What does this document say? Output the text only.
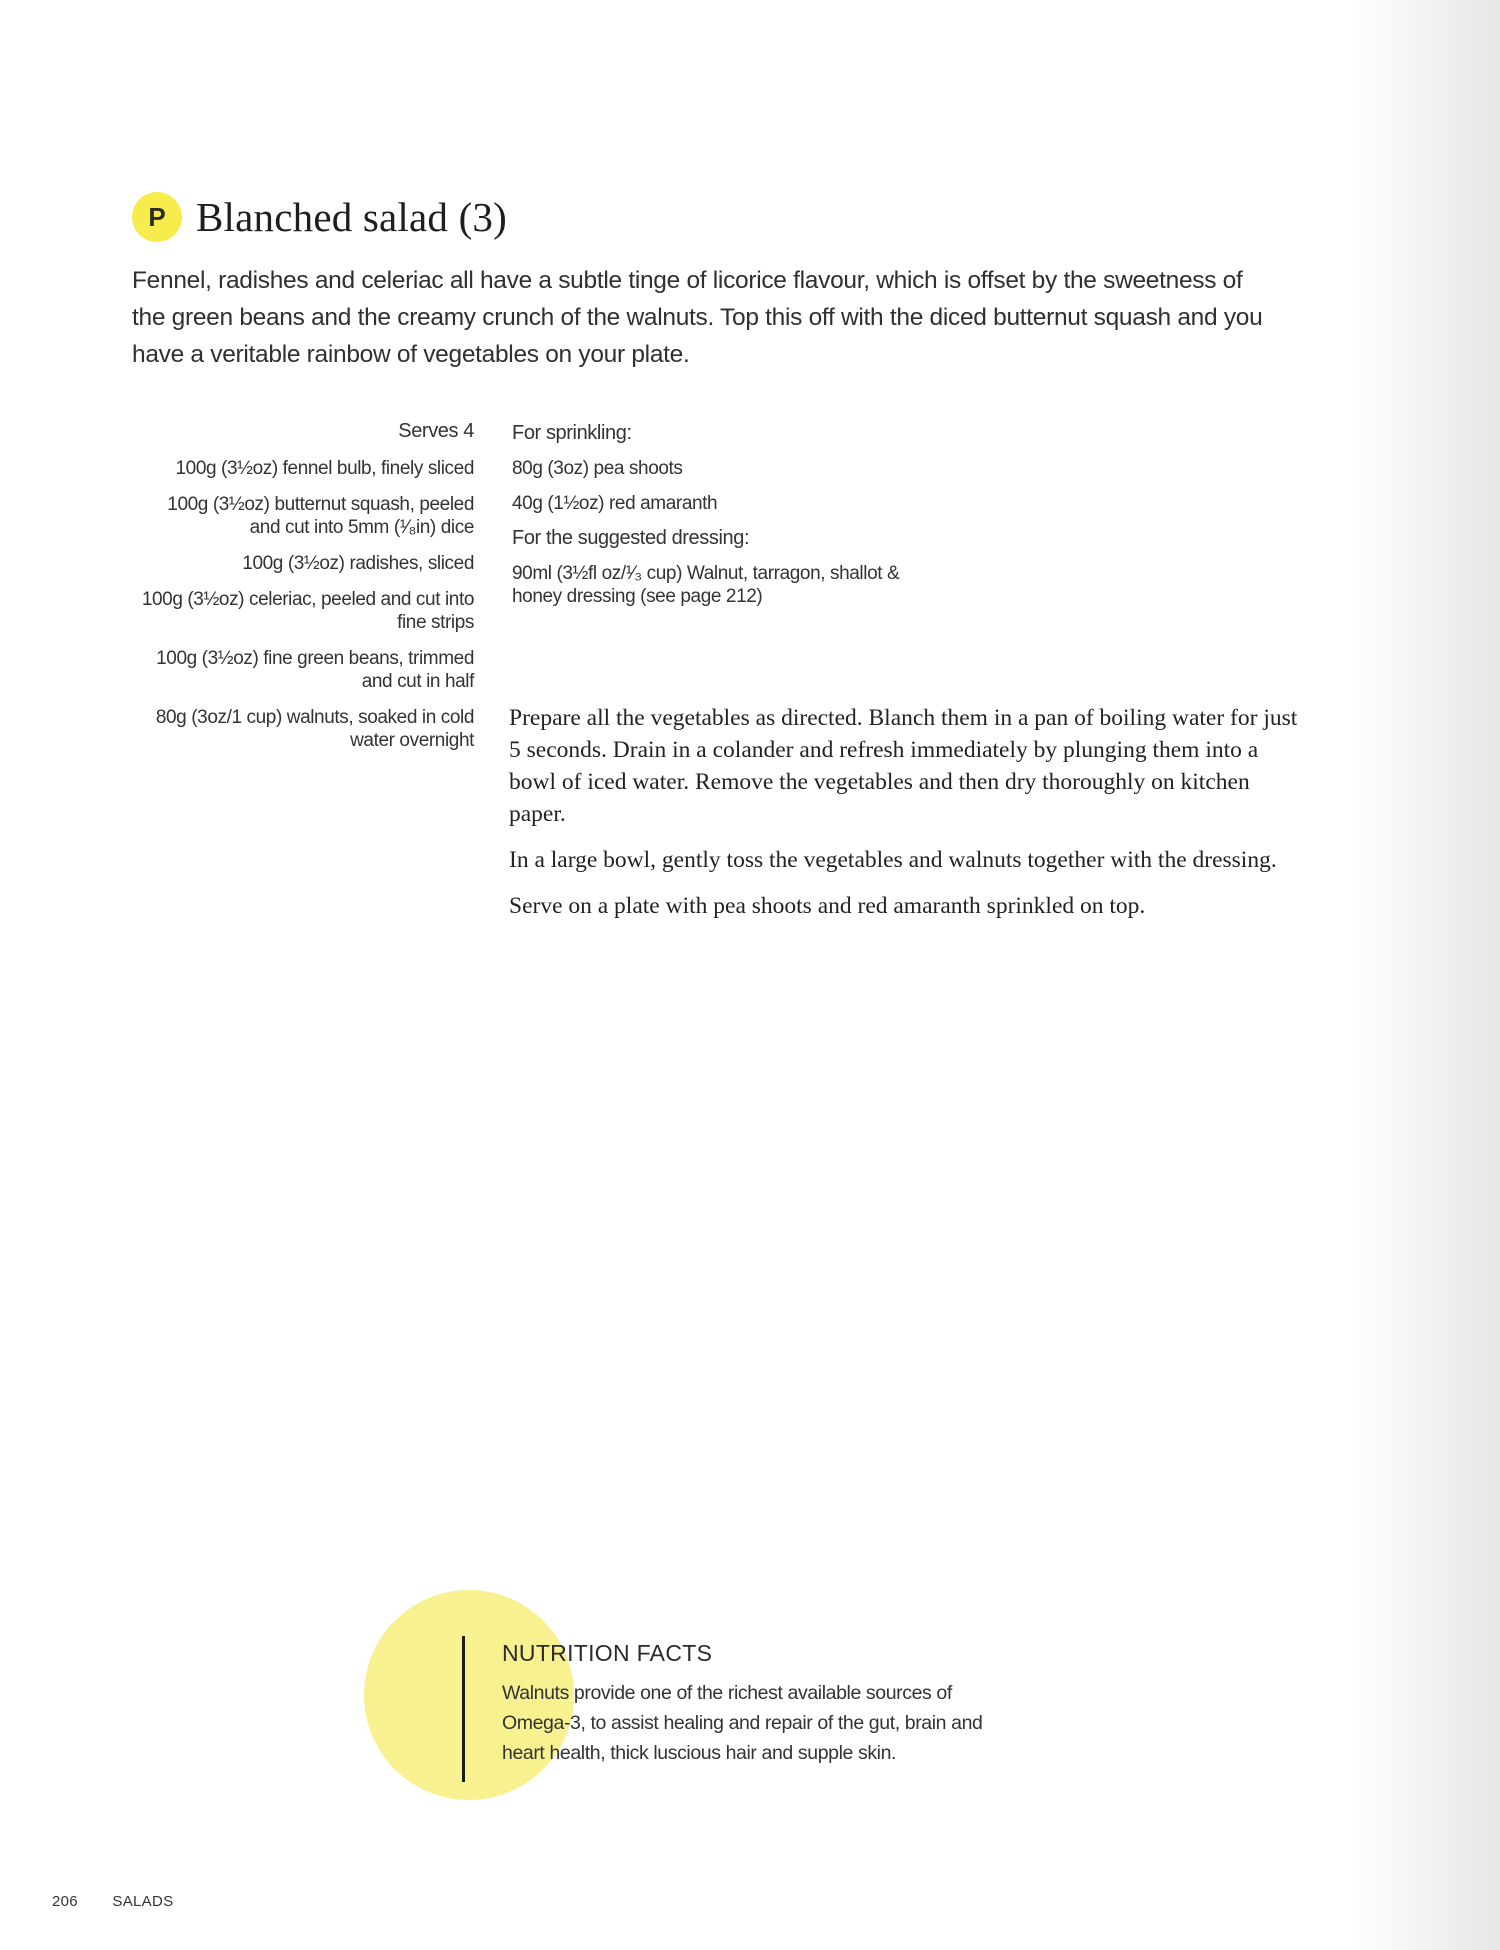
P Blanched salad (3)

Fennel, radishes and celeriac all have a subtle tinge of licorice flavour, which is offset by the sweetness of the green beans and the creamy crunch of the walnuts. Top this off with the diced butternut squash and you have a veritable rainbow of vegetables on your plate.

Serves 4

100g (3½oz) fennel bulb, finely sliced

100g (3½oz) butternut squash, peeled and cut into 5mm (¹⁄₈in) dice

100g (3½oz) radishes, sliced

100g (3½oz) celeriac, peeled and cut into fine strips

100g (3½oz) fine green beans, trimmed and cut in half

80g (3oz/1 cup) walnuts, soaked in cold water overnight

For sprinkling:

80g (3oz) pea shoots

40g (1½oz) red amaranth

For the suggested dressing:

90ml (3½fl oz/¹⁄₃ cup) Walnut, tarragon, shallot & honey dressing (see page 212)

Prepare all the vegetables as directed. Blanch them in a pan of boiling water for just 5 seconds. Drain in a colander and refresh immediately by plunging them into a bowl of iced water. Remove the vegetables and then dry thoroughly on kitchen paper.

In a large bowl, gently toss the vegetables and walnuts together with the dressing.

Serve on a plate with pea shoots and red amaranth sprinkled on top.

NUTRITION FACTS

Walnuts provide one of the richest available sources of Omega-3, to assist healing and repair of the gut, brain and heart health, thick luscious hair and supple skin.

206 SALADS
